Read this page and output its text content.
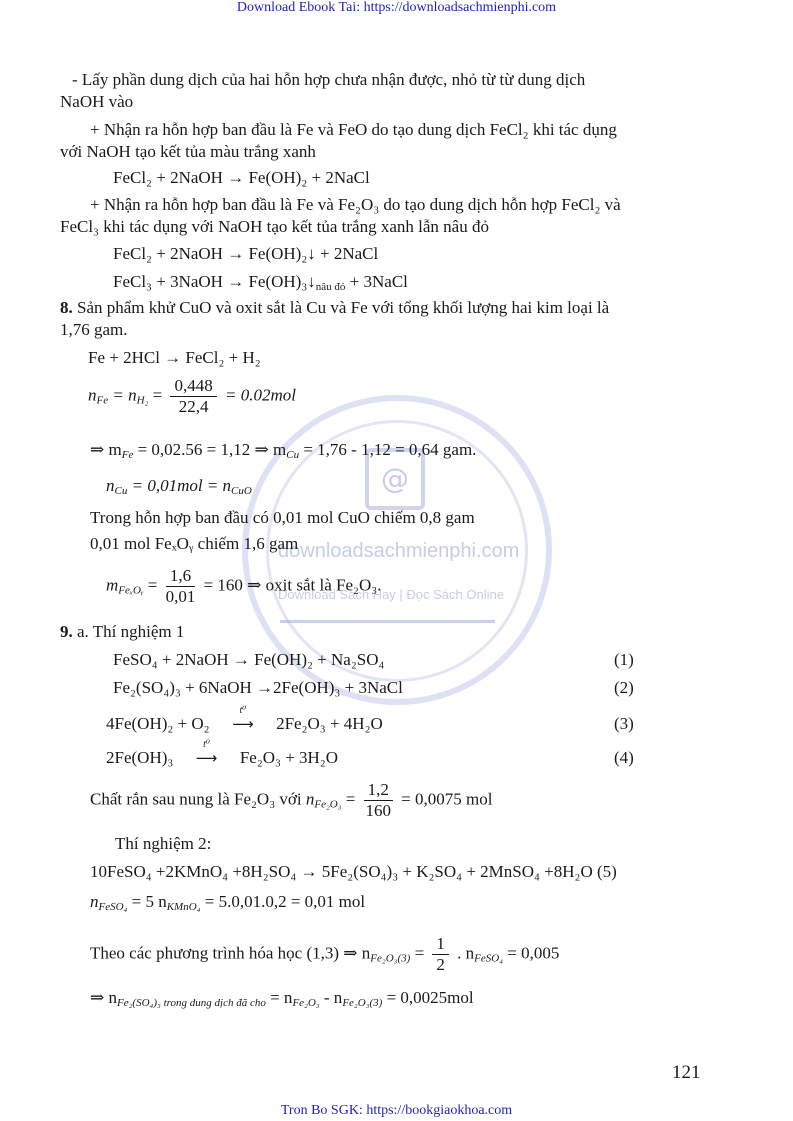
Download Ebook Tai: https://downloadsachmienphi.com
@
downloadsachmienphi.com
Download Sách Hay | Đọc Sách Online
- Lấy phần dung dịch của hai hỗn hợp chưa nhận được, nhỏ từ từ dung dịch
NaOH vào
+ Nhận ra hỗn hợp ban đầu là Fe và FeO do tạo dung dịch FeCl₂ khi tác dụng
với NaOH tạo kết tủa màu trắng xanh
FeCl₂ + 2NaOH → Fe(OH)₂ + 2NaCl
+ Nhận ra hỗn hợp ban đầu là Fe và Fe₂O₃ do tạo dung dịch hỗn hợp FeCl₂ và
FeCl₃ khi tác dụng với NaOH tạo kết tủa trắng xanh lẫn nâu đỏ
FeCl₂ + 2NaOH → Fe(OH)₂↓ + 2NaCl
FeCl₃ + 3NaOH → $Fe(OH)_3↓_{nâu đỏ}$ + 3NaCl
8. Sản phẩm khử CuO và oxit sắt là Cu và Fe với tổng khối lượng hai kim loại là
1,76 gam.
Fe + 2HCl → FeCl₂ + H₂
$n_{Fe} = n_{H_2} = \frac{0,448}{22,4} = 0.02mol$
⇒ $m_{Fe} = 0,02.56 = 1,12$ ⇒ $m_{Cu} = 1,76 - 1,12 = 0,64$ gam.
$n_{Cu} = 0,01mol = n_{CuO}$
Trong hỗn hợp ban đầu có 0,01 mol CuO chiếm 0,8 gam
0,01 mol FeₓOᵧ chiếm 1,6 gam
$m_{Fe_xOᵧ} = \frac{1,6}{0,01} = 160$ ⇒ oxit sắt là Fe₂O₃.
9. a. Thí nghiệm 1
FeSO₄ + 2NaOH → Fe(OH)₂ + Na₂SO₄	(1)
Fe₂(SO₄)₃ + 6NaOH →2Fe(OH)₃ + 3NaCl	(2)
4Fe(OH)₂ + O₂
t⁰
⟶ 2Fe₂O₃ + 4H₂O	(3)
2Fe(OH)₃
t⁰
⟶ Fe₂O₃ + 3H₂O	(4)
Chất rắn sau nung là Fe₂O₃ với $n_{Fe_2O_3} = \frac{1,2}{160} = 0,0075$ mol
Thí nghiệm 2:
10FeSO₄ +2KMnO₄ +8H₂SO₄ → 5Fe₂(SO₄)₃ + K₂SO₄ + 2MnSO₄ +8H₂O (5)
$n_{FeSO_4} = 5$ $n_{KMnO_4} = 5.0,01.0,2 = 0,01$ mol
Theo các phương trình hóa học (1,3) ⇒ $n_{Fe_2O_3(3)} = \frac{1}{2}$ . $n_{FeSO_4} = 0,005$
⇒ $n_{Fe_2(SO_4)_3 trong dung dịch đã cho} = n_{Fe_2O_3} - n_{Fe_2O_3(3)} = 0,0025mol$
121
Tron Bo SGK: https://bookgiaokhoa.com
